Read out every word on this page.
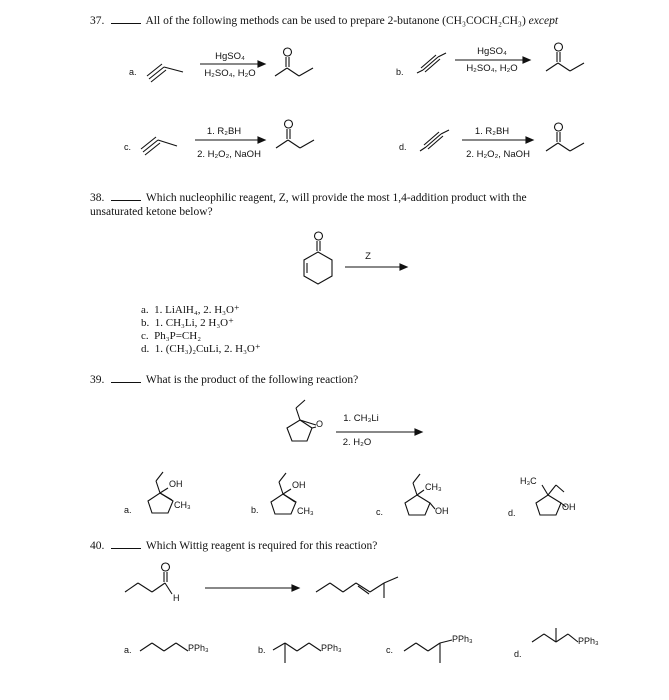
37.	All of the following methods can be used to prepare 2-butanone (CH₃COCH₂CH₃) except
a.
HgSO₄
H₂SO₄, H₂O	b.
HgSO₄
H₂SO₄, H₂O
c.
1. R₂BH
2. H₂O₂, NaOH
d.
1. R₂BH
2. H₂O₂, NaOH
38.	Which nucleophilic reagent, Z, will provide the most 1,4-addition product with the
unsaturated ketone below?
Z
a. 1. LiAlH₄, 2. H₃O⁺
b. 1. CH₃Li, 2 H₃O⁺
c. Ph₃P=CH₂
d. 1. (CH₃)₂CuLi, 2. H₃O⁺
39.	What is the product of the following reaction?
O	1. CH₃Li
2. H₂O
a.
OH
CH₃	b.
OH
CH₃	c.
CH₃
OH	d.
H₃C
OH
40.	Which Wittig reagent is required for this reaction?
H
a.	PPh₃	b.	PPh₃	c.
PPh₃
d.
PPh₃
